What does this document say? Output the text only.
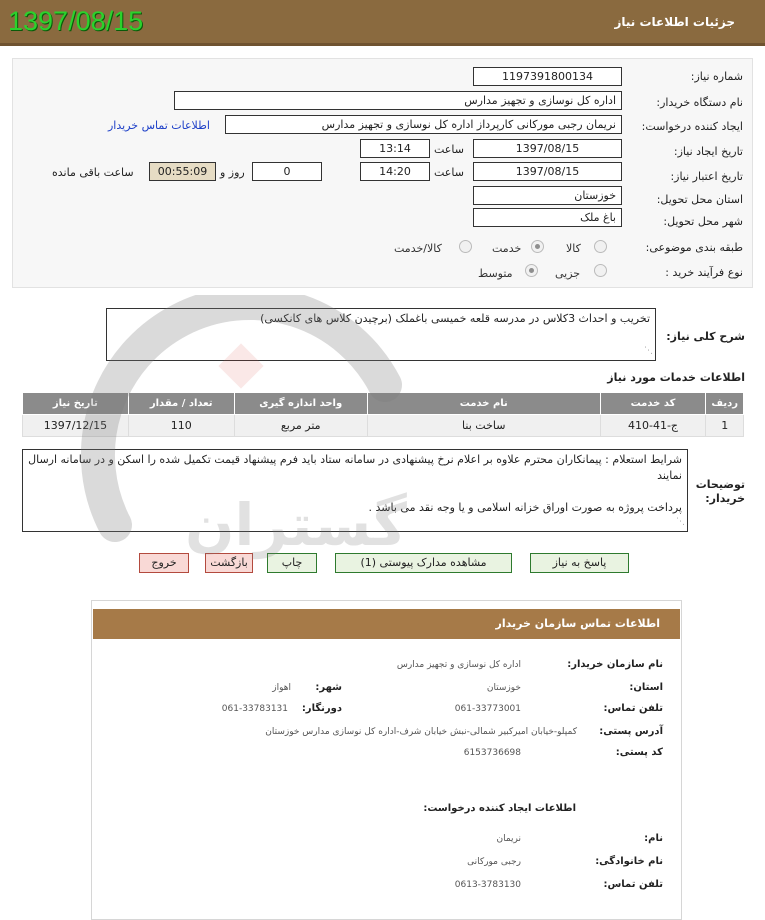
1397/08/15	جزئیات اطلاعات نیاز
شماره نیاز:
1197391800134
نام دستگاه خریدار:
اداره کل نوسازی و تجهیز مدارس
ایجاد کننده درخواست:
نریمان رجبی مورکانی کارپرداز اداره کل نوسازی و تجهیز مدارس
اطلاعات تماس خریدار
تاریخ ایجاد نیاز:
1397/08/15
ساعت
13:14
تاریخ اعتبار نیاز:
1397/08/15
ساعت
14:20
0
روز و
00:55:09
ساعت باقی مانده
استان محل تحویل:
خوزستان
شهر محل تحویل:
باغ ملک
طبقه بندی موضوعی:
کالا
خدمت
کالا/خدمت
نوع فرآیند خرید :
جزیی
متوسط
شرح کلی نیاز:
تخریب و احداث 3کلاس در مدرسه قلعه خمیسی باغملک (برچیدن کلاس های کانکسی)
⋰
اطلاعات خدمات مورد نیاز
ردیف	کد خدمت	نام خدمت	واحد اندازه گیری	تعداد / مقدار	تاریخ نیاز
1	ج-41-410	ساخت بنا	متر مربع	110	1397/12/15
توضیحات خریدار:
شرایط استعلام : پیمانکاران محترم علاوه بر اعلام نرخ پیشنهادی در سامانه ستاد باید فرم پیشنهاد قیمت تکمیل شده را اسکن و در سامانه ارسال نمایند
پرداخت پروژه به صورت اوراق خزانه اسلامی و یا وجه نقد می باشد .
⋰
پاسخ به نیاز
مشاهده مدارک پیوستی (1)
چاپ
بازگشت
خروج
اطلاعات تماس سازمان خریدار
نام سازمان خریدار:
اداره کل نوسازی و تجهیز مدارس
استان:
خوزستان
شهر:
اهواز
تلفن تماس:
061-33773001
دورنگار:
061-33783131
آدرس پستی:
کمپلو-خیابان امیرکبیر شمالی-نبش خیابان شرف-اداره کل نوسازی مدارس خوزستان
کد پستی:
6153736698
اطلاعات ایجاد کننده درخواست:
نام:
نریمان
نام خانوادگی:
رجبی مورکانی
تلفن تماس:
0613-3783130
گستران
